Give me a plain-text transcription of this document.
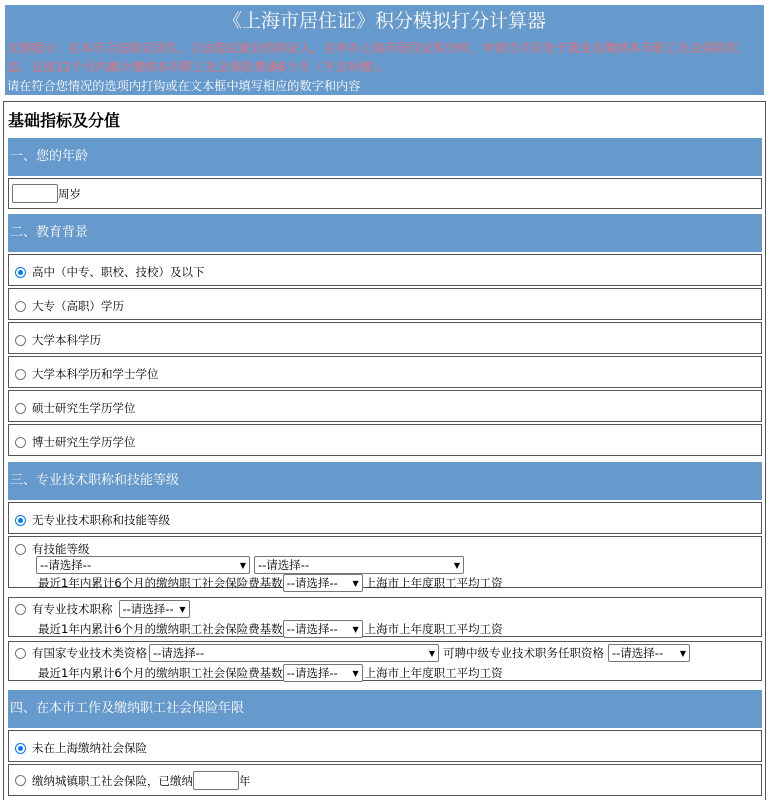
《上海市居住证》积分模拟打分计算器
友情提示：在本市合法稳定居住、合法稳定就业的持证人，在申办上海市居住证积分时，申请当月应处于就业及缴纳本市职工社会保险状态，且前12个月内累计缴纳本市职工社会保险费满6个月（不含补缴）。
请在符合您情况的选项内打钩或在文本框中填写相应的数字和内容
基础指标及分值
一、您的年龄
周岁
二、教育背景
高中（中专、职校、技校）及以下
大专（高职）学历
大学本科学历
大学本科学历和学士学位
硕士研究生学历学位
博士研究生学历学位
三、专业技术职称和技能等级
无专业技术职称和技能等级
有技能等级
--请选择--	▼ --请选择--	▼
最近1年内累计6个月的缴纳职工社会保险费基数 --请选择-- ▼ 上海市上年度职工平均工资
有专业技术职称 --请选择-- ▼
最近1年内累计6个月的缴纳职工社会保险费基数 --请选择-- ▼ 上海市上年度职工平均工资
有国家专业技术类资格 --请选择--	▼ 可聘中级专业技术职务任职资格 --请选择-- ▼
最近1年内累计6个月的缴纳职工社会保险费基数 --请选择-- ▼ 上海市上年度职工平均工资
四、在本市工作及缴纳职工社会保险年限
未在上海缴纳社会保险
缴纳城镇职工社会保险，已缴纳	年
